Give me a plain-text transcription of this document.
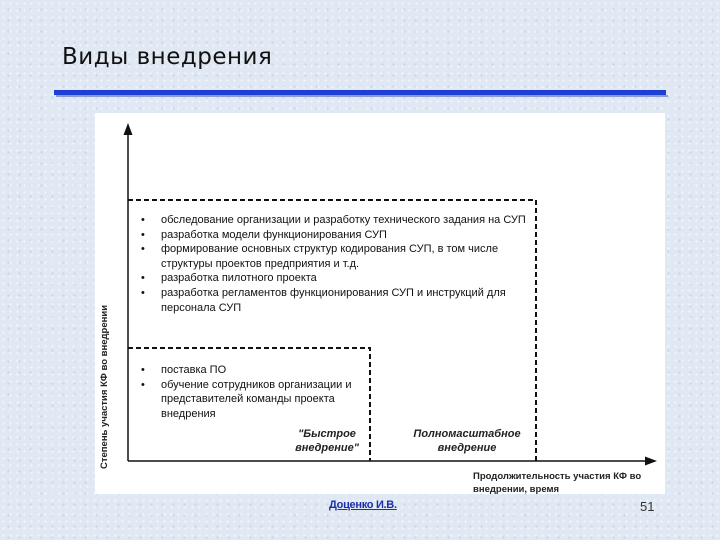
Виды внедрения
Степень участия КФ во внедрении
• обследование организации и разработку технического задания на СУП
• разработка модели функционирования СУП
• формирование основных структур кодирования СУП, в том числе структуры проектов предприятия и т.д.
• разработка пилотного проекта
• разработка регламентов функционирования СУП и инструкций для персонала СУП
• поставка ПО
• обучение сотрудников организации и представителей команды проекта внедрения
"Быстрое внедрение"
Полномасштабное внедрение
Продолжительность участия КФ во внедрении, время
Доценко И.В.	51
